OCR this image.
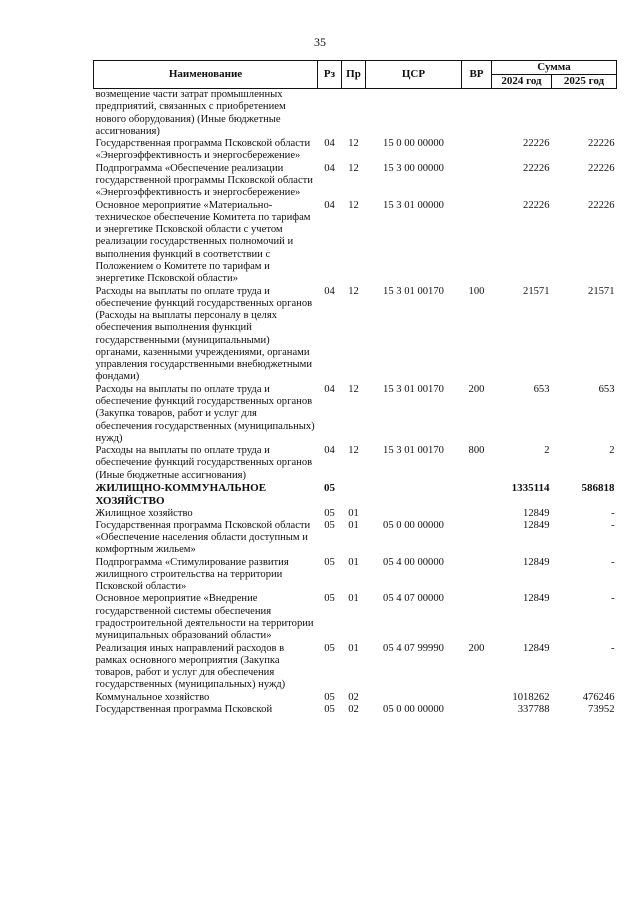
35
Наименование	Рз	Пр	ЦСР	ВР	Сумма	
					2024 год	2025 год
возмещение части затрат промышленных предприятий, связанных с приобретением нового оборудования) (Иные бюджетные ассигнования)						
Государственная программа Псковской области «Энергоэффективность и энергосбережение»	04	12	15 0 00 00000		22226	22226
Подпрограмма «Обеспечение реализации государственной программы Псковской области «Энергоэффективность и энергосбережение»	04	12	15 3 00 00000		22226	22226
Основное мероприятие «Материально-техническое обеспечение Комитета по тарифам и энергетике Псковской области с учетом реализации государственных полномочий и выполнения функций в соответствии с Положением о Комитете по тарифам и энергетике Псковской области»	04	12	15 3 01 00000		22226	22226
Расходы на выплаты по оплате труда и обеспечение функций государственных органов (Расходы на выплаты персоналу в целях обеспечения выполнения функций государственными (муниципальными) органами, казенными учреждениями, органами управления государственными внебюджетными фондами)	04	12	15 3 01 00170	100	21571	21571
Расходы на выплаты по оплате труда и обеспечение функций государственных органов (Закупка товаров, работ и услуг для обеспечения государственных (муниципальных) нужд)	04	12	15 3 01 00170	200	653	653
Расходы на выплаты по оплате труда и обеспечение функций государственных органов (Иные бюджетные ассигнования)	04	12	15 3 01 00170	800	2	2
ЖИЛИЩНО-КОММУНАЛЬНОЕ ХОЗЯЙСТВО	05				1335114	586818
Жилищное хозяйство	05	01			12849	-
Государственная программа Псковской области «Обеспечение населения области доступным и комфортным жильем»	05	01	05 0 00 00000		12849	-
Подпрограмма «Стимулирование развития жилищного строительства на территории Псковской области»	05	01	05 4 00 00000		12849	-
Основное мероприятие «Внедрение государственной системы обеспечения градостроительной деятельности на территории муниципальных образований области»	05	01	05 4 07 00000		12849	-
Реализация иных направлений расходов в рамках основного мероприятия (Закупка товаров, работ и услуг для обеспечения государственных (муниципальных) нужд)	05	01	05 4 07 99990	200	12849	-
Коммунальное хозяйство	05	02			1018262	476246
Государственная программа Псковской	05	02	05 0 00 00000		337788	73952
